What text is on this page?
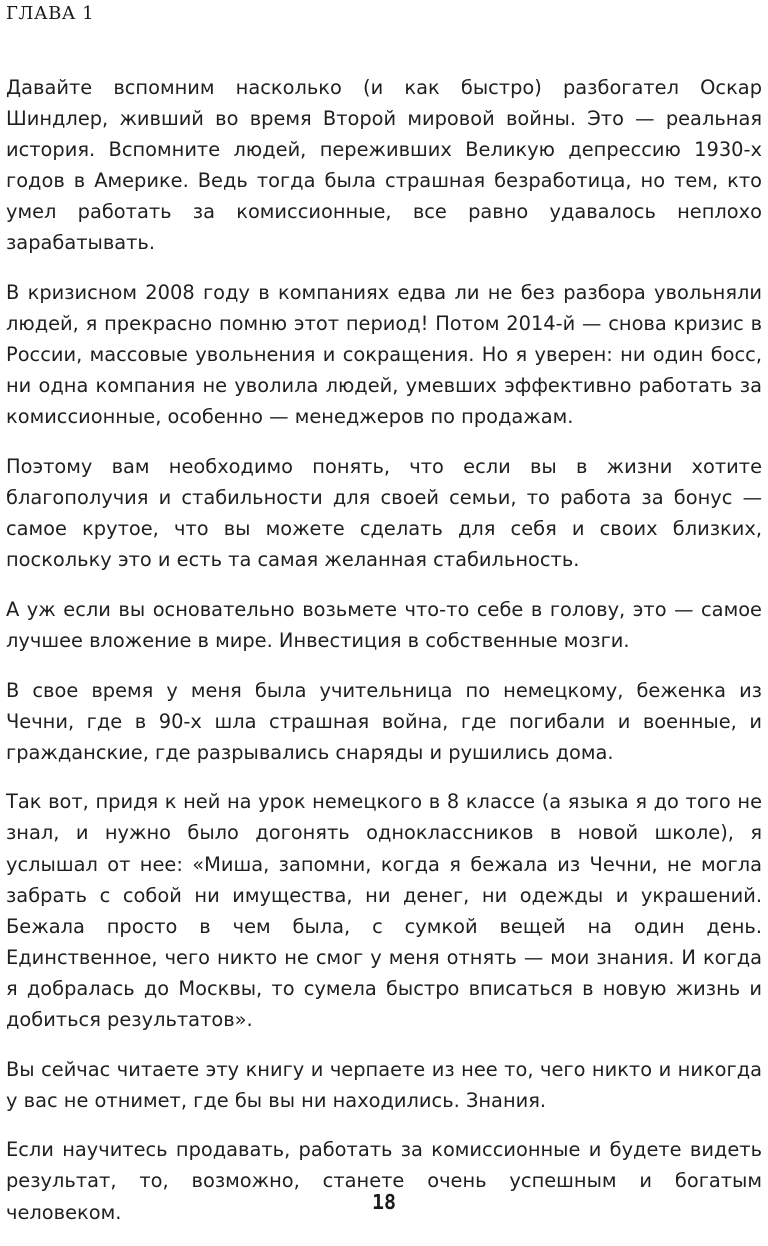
ГЛАВА 1

Давайте вспомним насколько (и как быстро) разбогател Оскар Шиндлер, живший во время Второй мировой войны. Это — реальная история. Вспомните людей, переживших Великую депрессию 1930-х годов в Америке. Ведь тогда была страшная безработица, но тем, кто умел работать за комиссионные, все равно удавалось неплохо зарабатывать.

В кризисном 2008 году в компаниях едва ли не без разбора увольняли людей, я прекрасно помню этот период! Потом 2014-й — снова кризис в России, массовые увольнения и сокращения. Но я уверен: ни один босс, ни одна компания не уволила людей, умевших эффективно работать за комиссионные, особенно — менеджеров по продажам.

Поэтому вам необходимо понять, что если вы в жизни хотите благополучия и стабильности для своей семьи, то работа за бонус — самое крутое, что вы можете сделать для себя и своих близких, поскольку это и есть та самая желанная стабильность.

А уж если вы основательно возьмете что-то себе в голову, это — самое лучшее вложение в мире. Инвестиция в собственные мозги.

В свое время у меня была учительница по немецкому, беженка из Чечни, где в 90-х шла страшная война, где погибали и военные, и гражданские, где разрывались снаряды и рушились дома.

Так вот, придя к ней на урок немецкого в 8 классе (а языка я до того не знал, и нужно было догонять одноклассников в новой школе), я услышал от нее: «Миша, запомни, когда я бежала из Чечни, не могла забрать с собой ни имущества, ни денег, ни одежды и украшений. Бежала просто в чем была, с сумкой вещей на один день. Единственное, чего никто не смог у меня отнять — мои знания. И когда я добралась до Москвы, то сумела быстро вписаться в новую жизнь и добиться результатов».

Вы сейчас читаете эту книгу и черпаете из нее то, чего никто и никогда у вас не отнимет, где бы вы ни находились. Знания.

Если научитесь продавать, работать за комиссионные и будете видеть результат, то, возможно, станете очень успешным и богатым человеком.	18
